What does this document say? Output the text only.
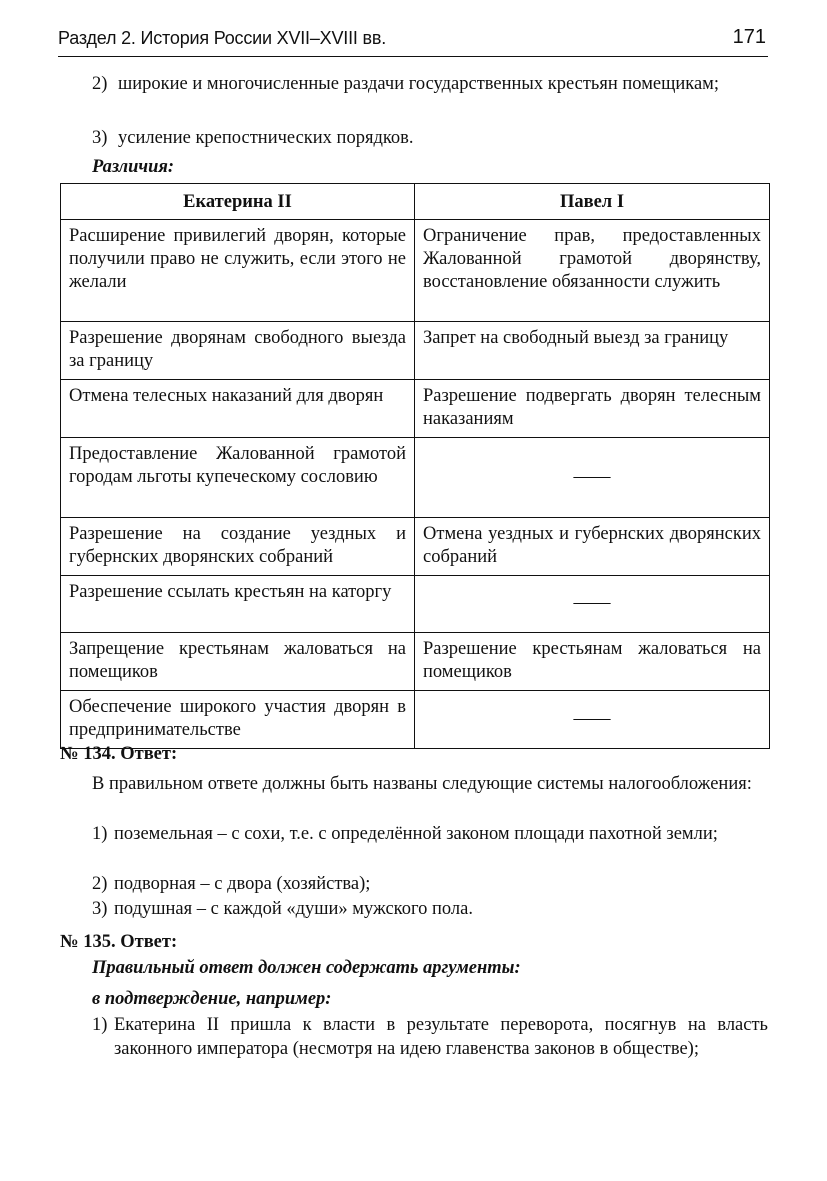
Раздел 2. История России XVII–XVIII вв.	171
2) широкие и многочисленные раздачи государственных крестьян помещикам;
3) усиление крепостнических порядков.
Различия:
Екатерина II	Павел I
Расширение привилегий дворян, которые получили право не служить, если этого не желали	Ограничение прав, предоставленных Жалованной грамотой дворянству, восстановление обязанности служить
Разрешение дворянам свободного выезда за границу	Запрет на свободный выезд за границу
Отмена телесных наказаний для дворян	Разрешение подвергать дворян телесным наказаниям
Предоставление Жалованной грамотой городам льготы купеческому сословию	——
Разрешение на создание уездных и губернских дворянских собраний	Отмена уездных и губернских дворянских собраний
Разрешение ссылать крестьян на каторгу	——
Запрещение крестьянам жаловаться на помещиков	Разрешение крестьянам жаловаться на помещиков
Обеспечение широкого участия дворян в предпринимательстве	——
№ 134. Ответ:
В правильном ответе должны быть названы следующие системы налогообложения:
1) поземельная – с сохи, т.е. с определённой законом площади пахотной земли;
2) подворная – с двора (хозяйства);
3) подушная – с каждой «души» мужского пола.
№ 135. Ответ:
Правильный ответ должен содержать аргументы:
в подтверждение, например:
1) Екатерина II пришла к власти в результате переворота, посягнув на власть законного императора (несмотря на идею главенства законов в обществе);
